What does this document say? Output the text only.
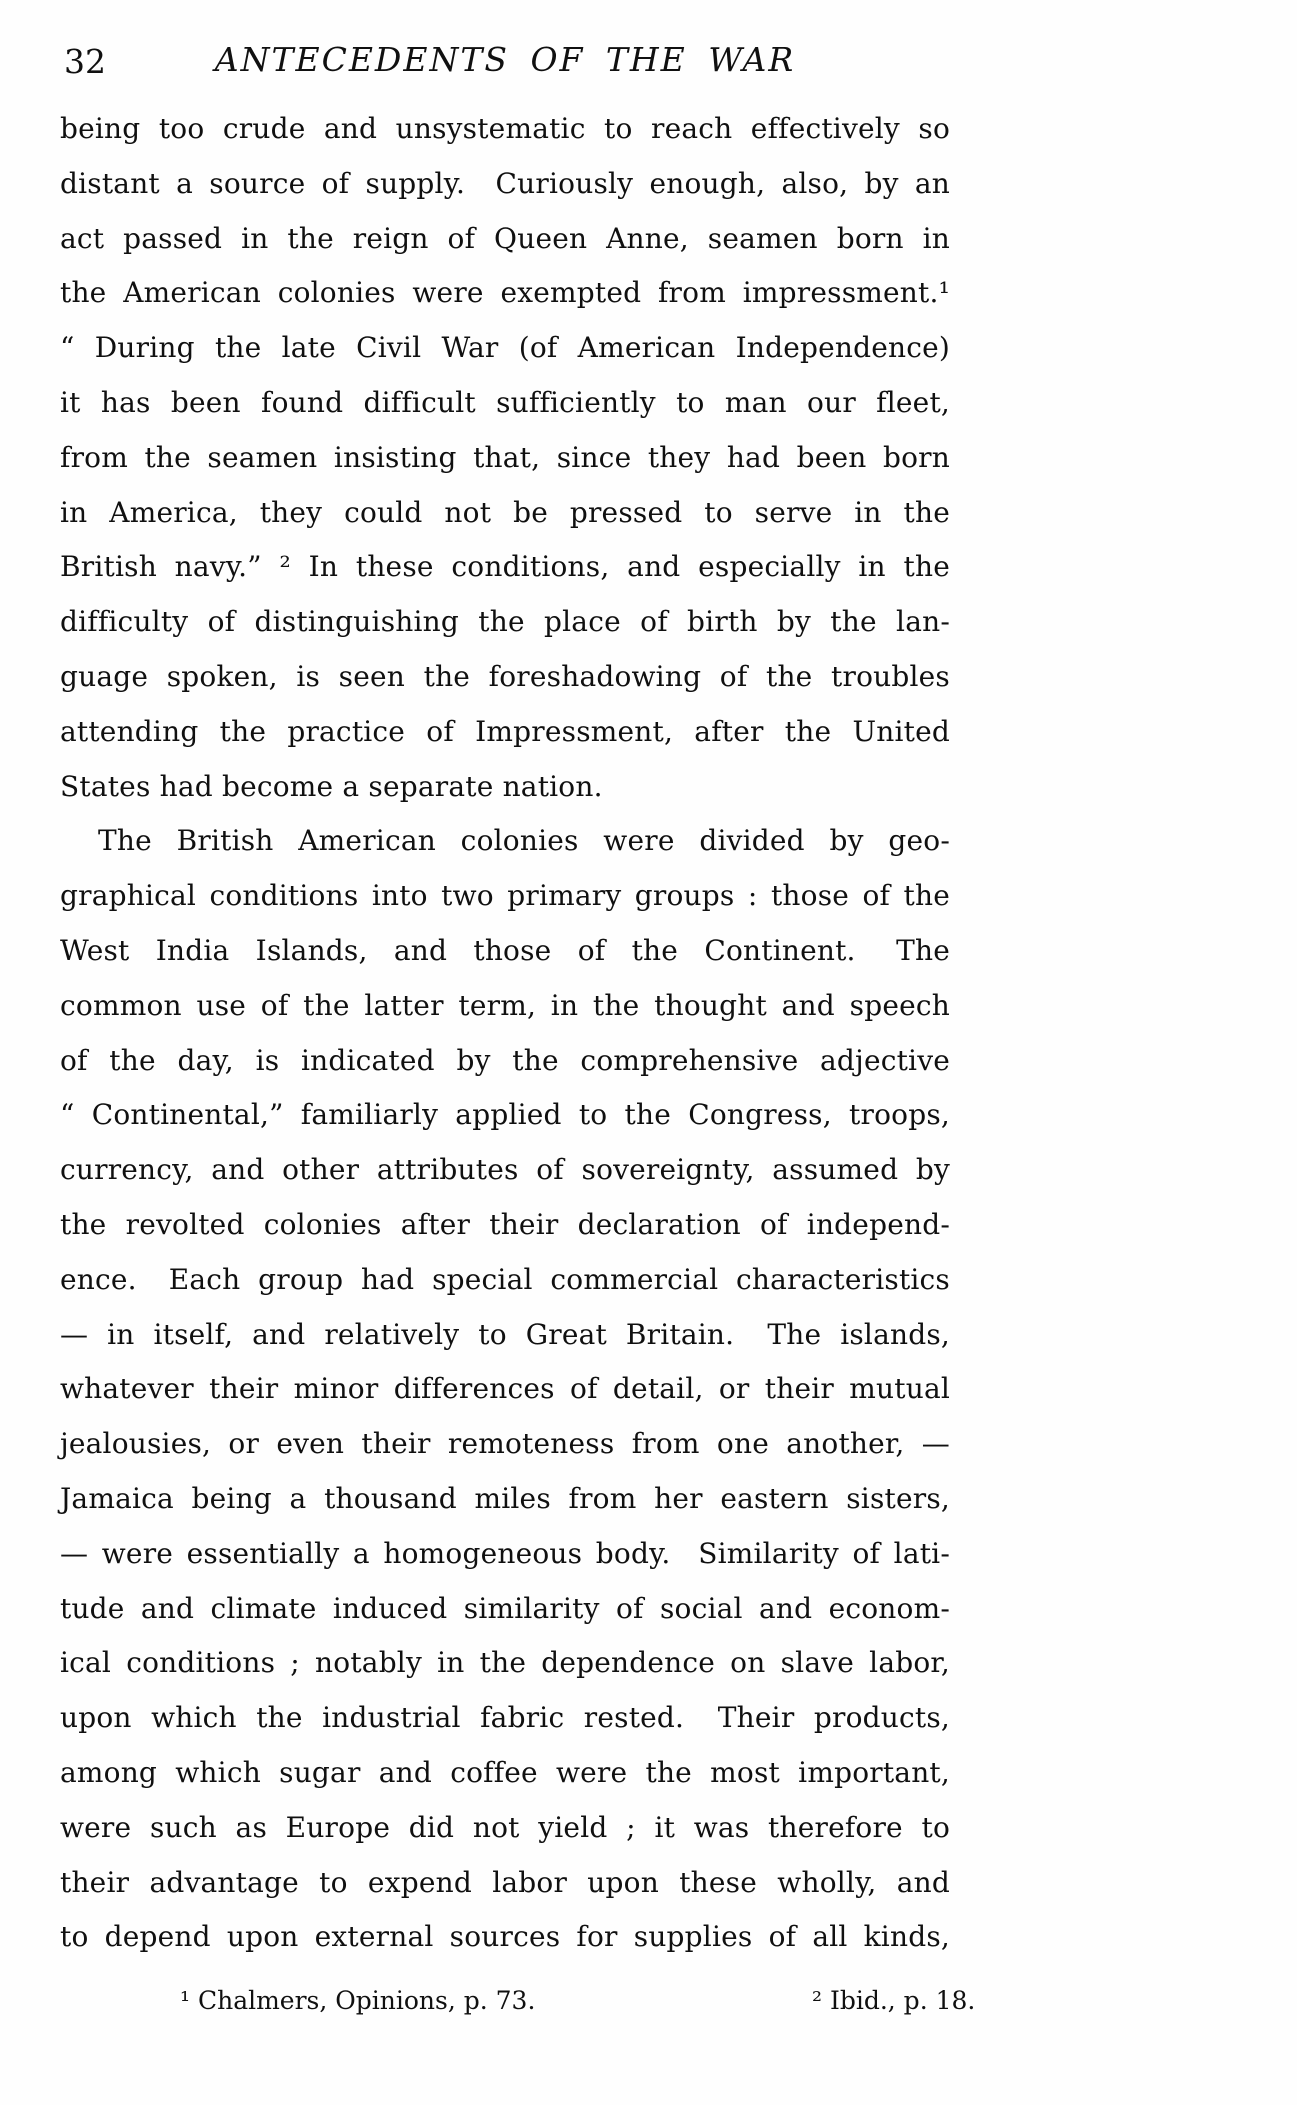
32	ANTECEDENTS OF THE WAR
being too crude and unsystematic to reach effectively so
distant a source of supply.  Curiously enough, also, by an
act passed in the reign of Queen Anne, seamen born in
the American colonies were exempted from impressment.¹
“ During the late Civil War (of American Independence)
it has been found difficult sufficiently to man our fleet,
from the seamen insisting that, since they had been born
in America, they could not be pressed to serve in the
British navy.” ² In these conditions, and especially in the
difficulty of distinguishing the place of birth by the lan-
guage spoken, is seen the foreshadowing of the troubles
attending the practice of Impressment, after the United
States had become a separate nation.
The British American colonies were divided by geo-
graphical conditions into two primary groups : those of the
West India Islands, and those of the Continent.  The
common use of the latter term, in the thought and speech
of the day, is indicated by the comprehensive adjective
“ Continental,” familiarly applied to the Congress, troops,
currency, and other attributes of sovereignty, assumed by
the revolted colonies after their declaration of independ-
ence.  Each group had special commercial characteristics
— in itself, and relatively to Great Britain.  The islands,
whatever their minor differences of detail, or their mutual
jealousies, or even their remoteness from one another, —
Jamaica being a thousand miles from her eastern sisters,
— were essentially a homogeneous body.  Similarity of lati-
tude and climate induced similarity of social and econom-
ical conditions ; notably in the dependence on slave labor,
upon which the industrial fabric rested.  Their products,
among which sugar and coffee were the most important,
were such as Europe did not yield ; it was therefore to
their advantage to expend labor upon these wholly, and
to depend upon external sources for supplies of all kinds,
¹ Chalmers, Opinions, p. 73.	² Ibid., p. 18.
